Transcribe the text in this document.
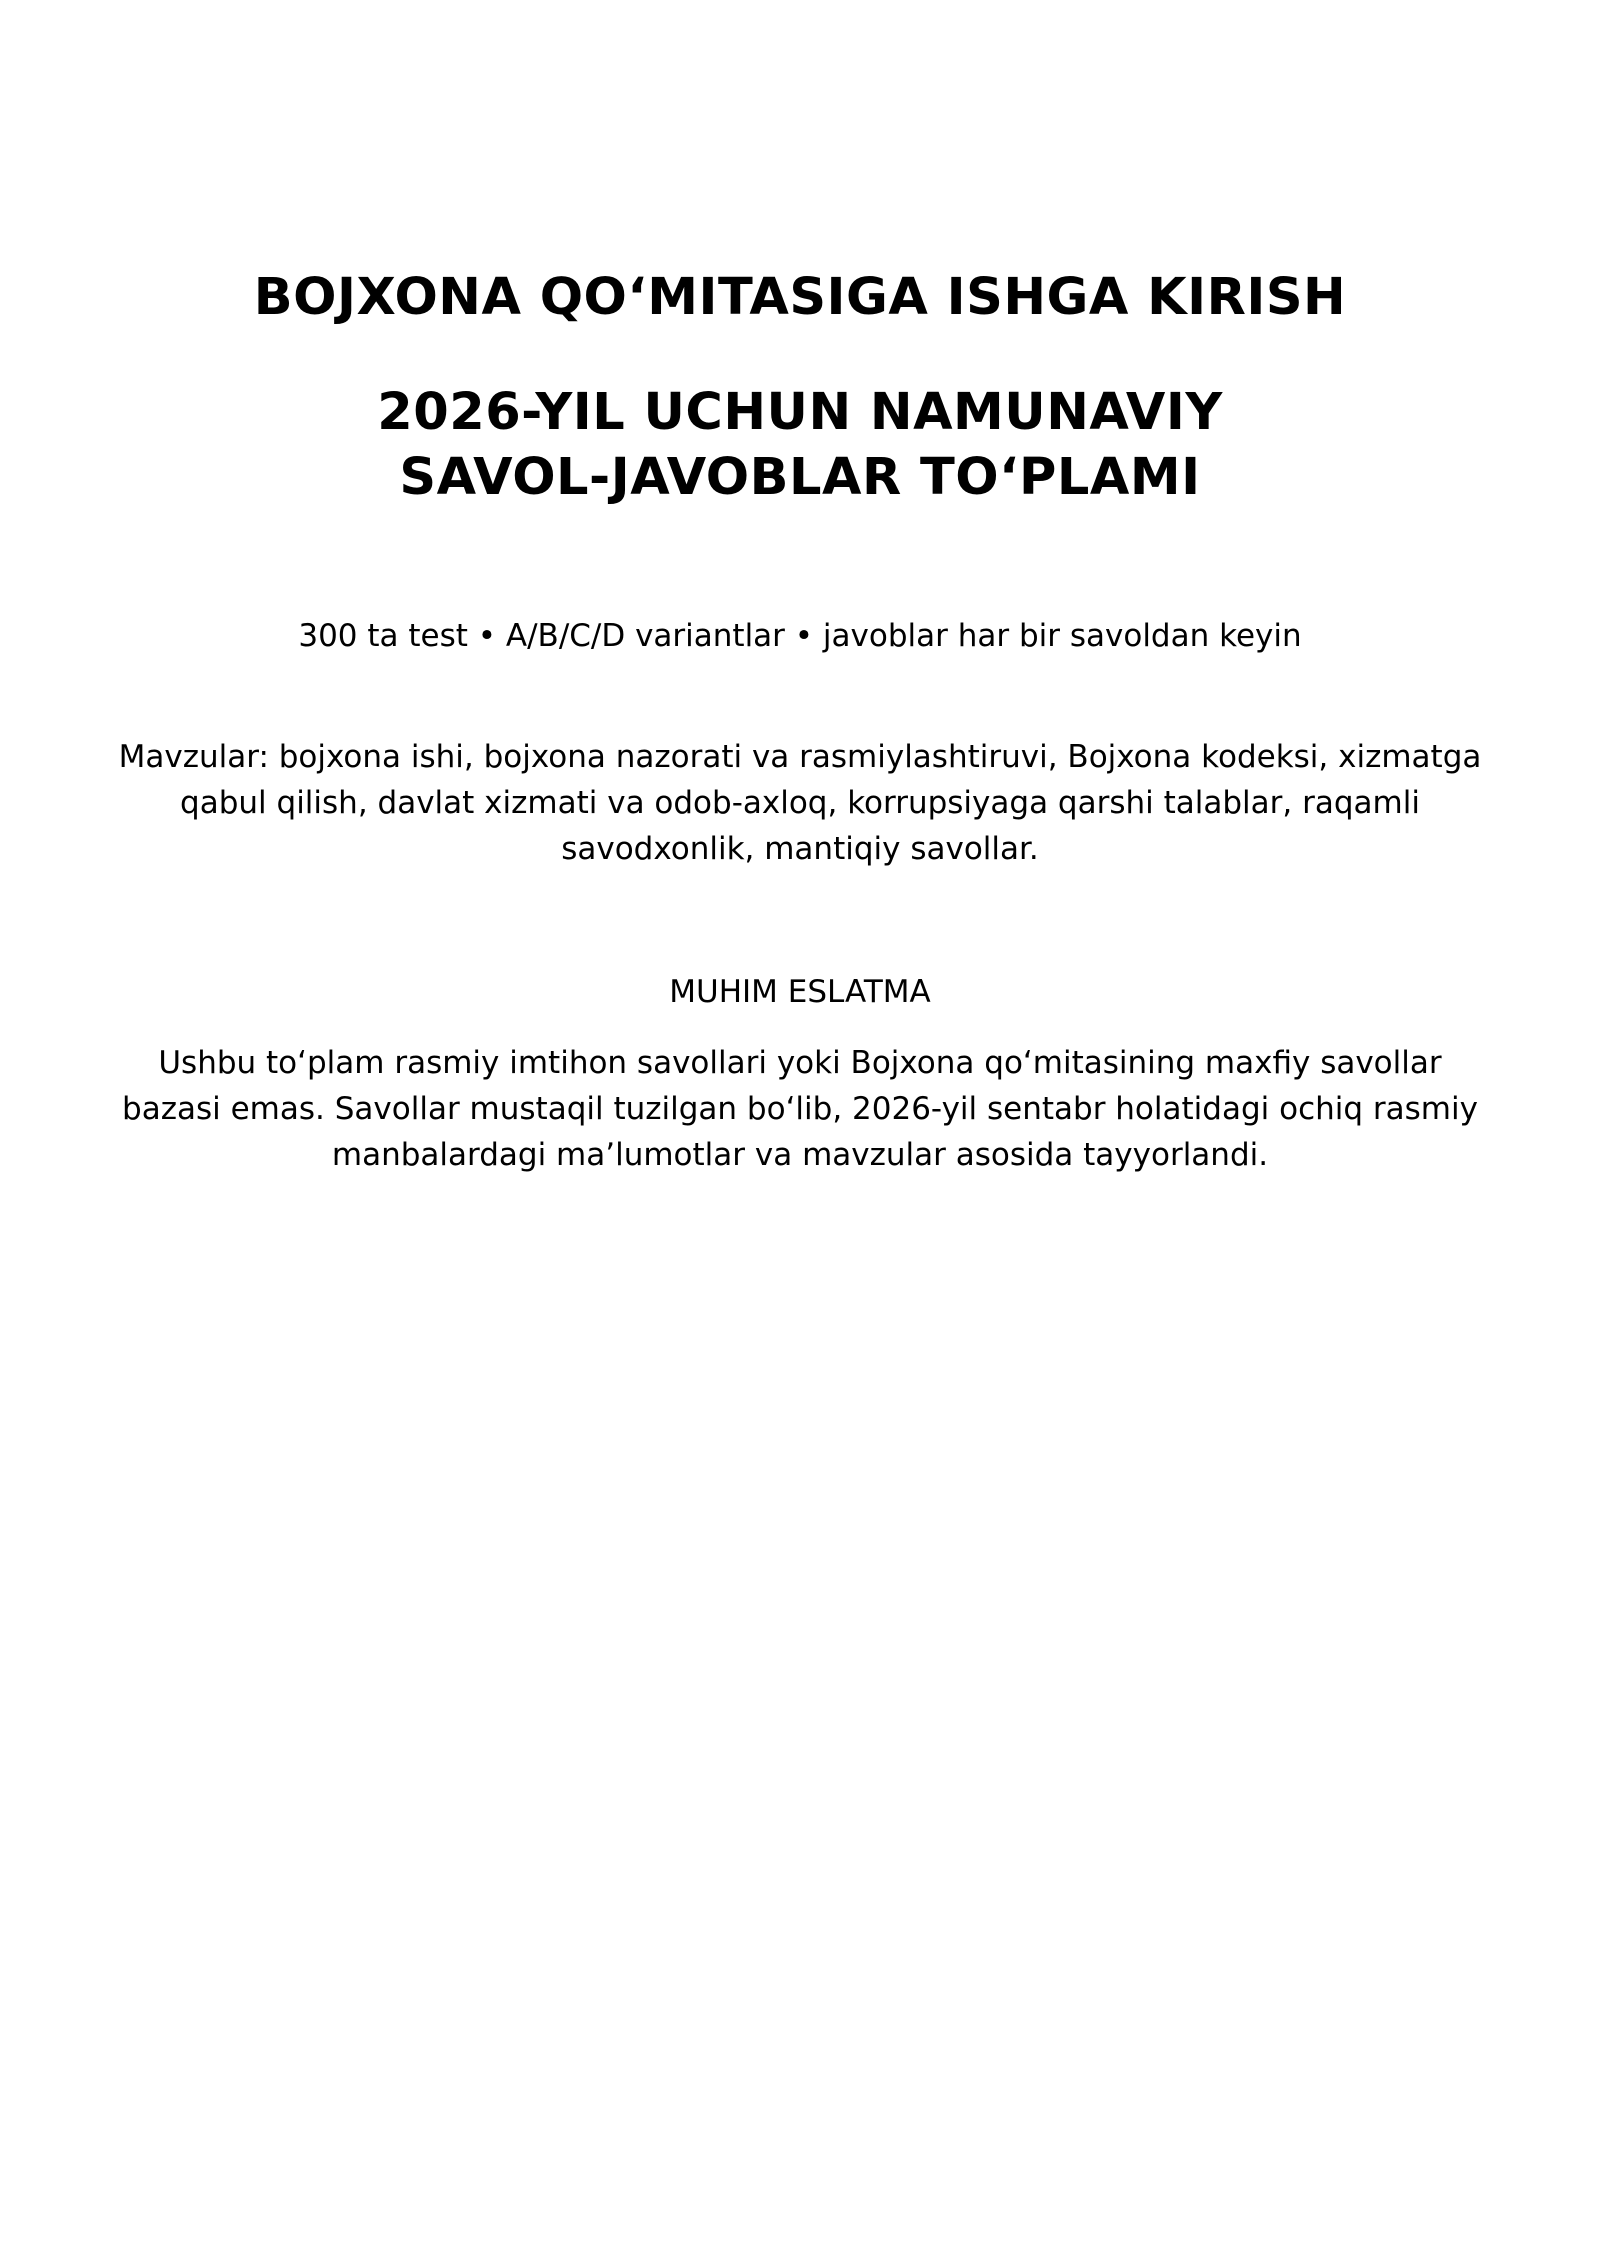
BOJXONA QOʻMITASIGA ISHGA KIRISH
2026-YIL UCHUN NAMUNAVIY
SAVOL-JAVOBLAR TOʻPLAMI

300 ta test • A/B/C/D variantlar • javoblar har bir savoldan keyin

Mavzular: bojxona ishi, bojxona nazorati va rasmiylashtiruvi, Bojxona kodeksi, xizmatga qabul qilish, davlat xizmati va odob-axloq, korrupsiyaga qarshi talablar, raqamli savodxonlik, mantiqiy savollar.

MUHIM ESLATMA

Ushbu toʻplam rasmiy imtihon savollari yoki Bojxona qoʻmitasining maxfiy savollar bazasi emas. Savollar mustaqil tuzilgan boʻlib, 2026-yil sentabr holatidagi ochiq rasmiy manbalardagi maʼlumotlar va mavzular asosida tayyorlandi.
